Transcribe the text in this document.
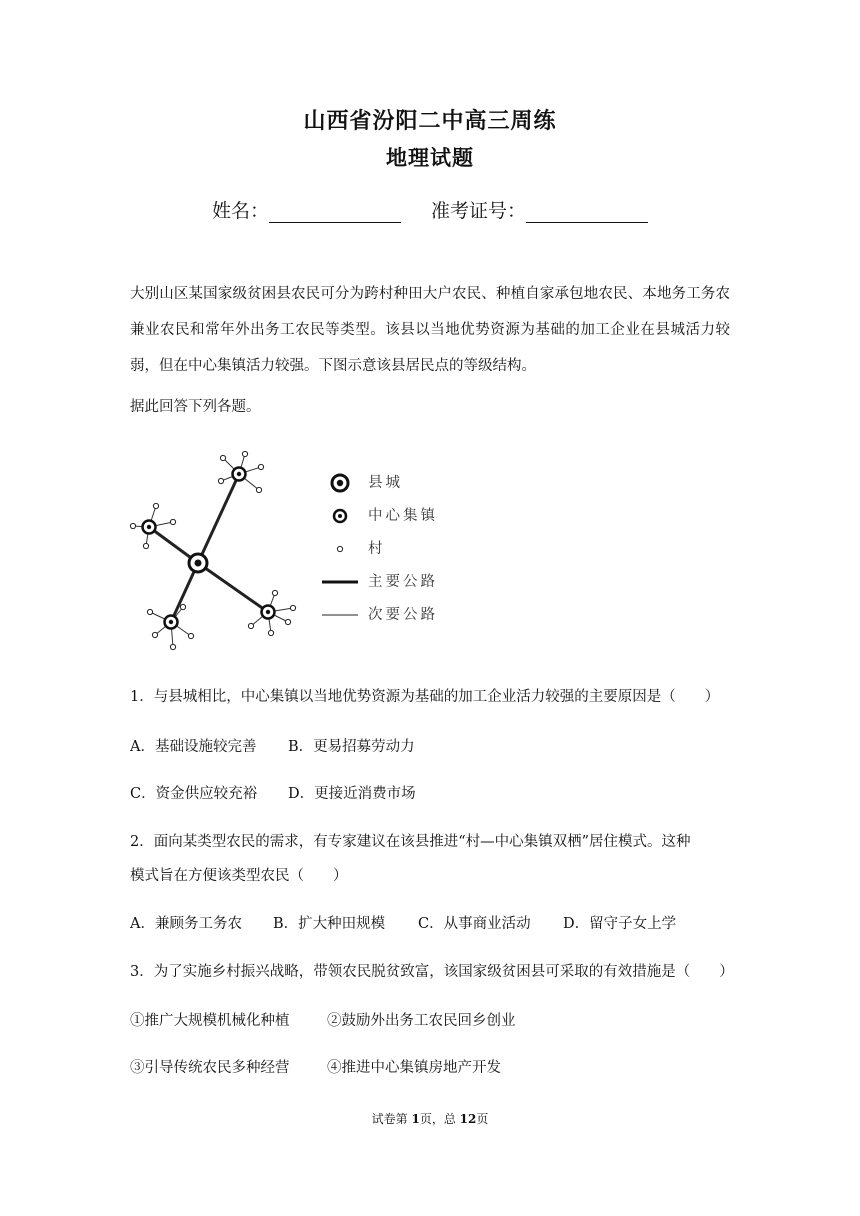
山西省汾阳二中高三周练
地理试题
姓名：	准考证号：
大别山区某国家级贫困县农民可分为跨村种田大户农民、种植自家承包地农民、本地务工务农兼业农民和常年外出务工农民等类型。该县以当地优势资源为基础的加工企业在县城活力较弱，但在中心集镇活力较强。下图示意该县居民点的等级结构。
据此回答下列各题。
县城
中心集镇
村
主要公路
次要公路
1．与县城相比，中心集镇以当地优势资源为基础的加工企业活力较强的主要原因是（　　）
A．基础设施较完善 B．更易招募劳动力
C．资金供应较充裕 D．更接近消费市场
2．面向某类型农民的需求，有专家建议在该县推进“村—中心集镇双栖”居住模式。这种
模式旨在方便该类型农民（　　）
A．兼顾务工务农 B．扩大种田规模 C．从事商业活动 D．留守子女上学
3．为了实施乡村振兴战略，带领农民脱贫致富，该国家级贫困县可采取的有效措施是（　　）
①推广大规模机械化种植	②鼓励外出务工农民回乡创业
③引导传统农民多种经营	④推进中心集镇房地产开发
试卷第 1页，总 12页
